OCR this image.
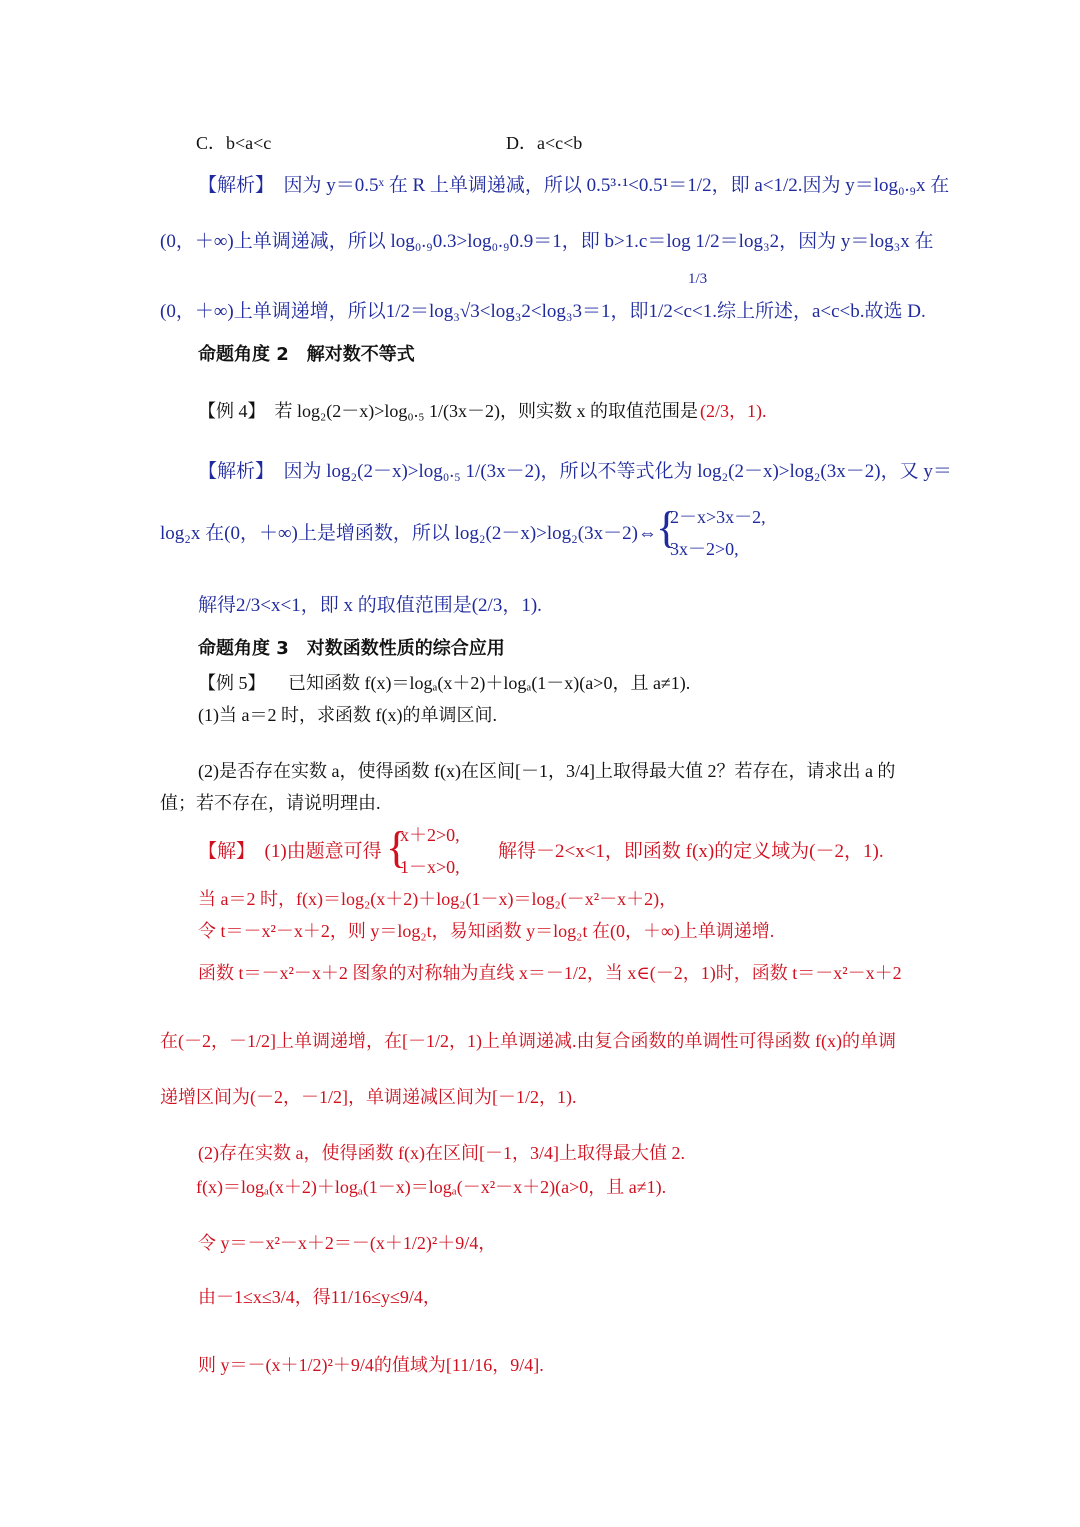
C．b<a<c	D．a<c<b
【解析】　因为 y＝0.5ˣ 在 R 上单调递减，所以 0.5³·¹<0.5¹＝1/2，即 a<1/2.因为 y＝log₀.₉x 在
(0，＋∞)上单调递减，所以 log₀.₉0.3>log₀.₉0.9＝1，即 b>1.c＝log 1/2＝log₃2，因为 y＝log₃x 在
1/3
(0，＋∞)上单调递增，所以1/2＝log₃√3<log₃2<log₃3＝1，即1/2<c<1.综上所述，a<c<b.故选 D.
命题角度 2　解对数不等式
【例 4】　若 log₂(2－x)>log₀.₅ 1/(3x－2)，则实数 x 的取值范围是 (2/3，1).
【解析】　因为 log₂(2－x)>log₀.₅ 1/(3x－2)，所以不等式化为 log₂(2－x)>log₂(3x－2)，又 y＝
log₂x 在(0，＋∞)上是增函数，所以 log₂(2－x)>log₂(3x－2)⇔ {
2－x>3x－2,
3x－2>0,
解得2/3<x<1，即 x 的取值范围是(2/3，1).
命题角度 3　对数函数性质的综合应用
【例 5】 已知函数 f(x)＝logₐ(x＋2)＋logₐ(1－x)(a>0，且 a≠1).
(1)当 a＝2 时，求函数 f(x)的单调区间.
(2)是否存在实数 a，使得函数 f(x)在区间[－1，3/4]上取得最大值 2？若存在，请求出 a 的
值；若不存在，请说明理由.
【解】　(1)由题意可得 {
x＋2>0,
1－x>0,
解得－2<x<1，即函数 f(x)的定义域为(－2，1).
当 a＝2 时，f(x)＝log₂(x＋2)＋log₂(1－x)＝log₂(－x²－x＋2)，
令 t＝－x²－x＋2，则 y＝log₂t，易知函数 y＝log₂t 在(0，＋∞)上单调递增.
函数 t＝－x²－x＋2 图象的对称轴为直线 x＝－1/2，当 x∈(－2，1)时，函数 t＝－x²－x＋2
在(－2，－1/2]上单调递增，在[－1/2，1)上单调递减.由复合函数的单调性可得函数 f(x)的单调
递增区间为(－2，－1/2]，单调递减区间为[－1/2，1).
(2)存在实数 a，使得函数 f(x)在区间[－1，3/4]上取得最大值 2.
f(x)＝logₐ(x＋2)＋logₐ(1－x)＝logₐ(－x²－x＋2)(a>0，且 a≠1).
令 y＝－x²－x＋2＝－(x＋1/2)²＋9/4，
由－1≤x≤3/4，得11/16≤y≤9/4，
则 y＝－(x＋1/2)²＋9/4的值域为[11/16，9/4].
